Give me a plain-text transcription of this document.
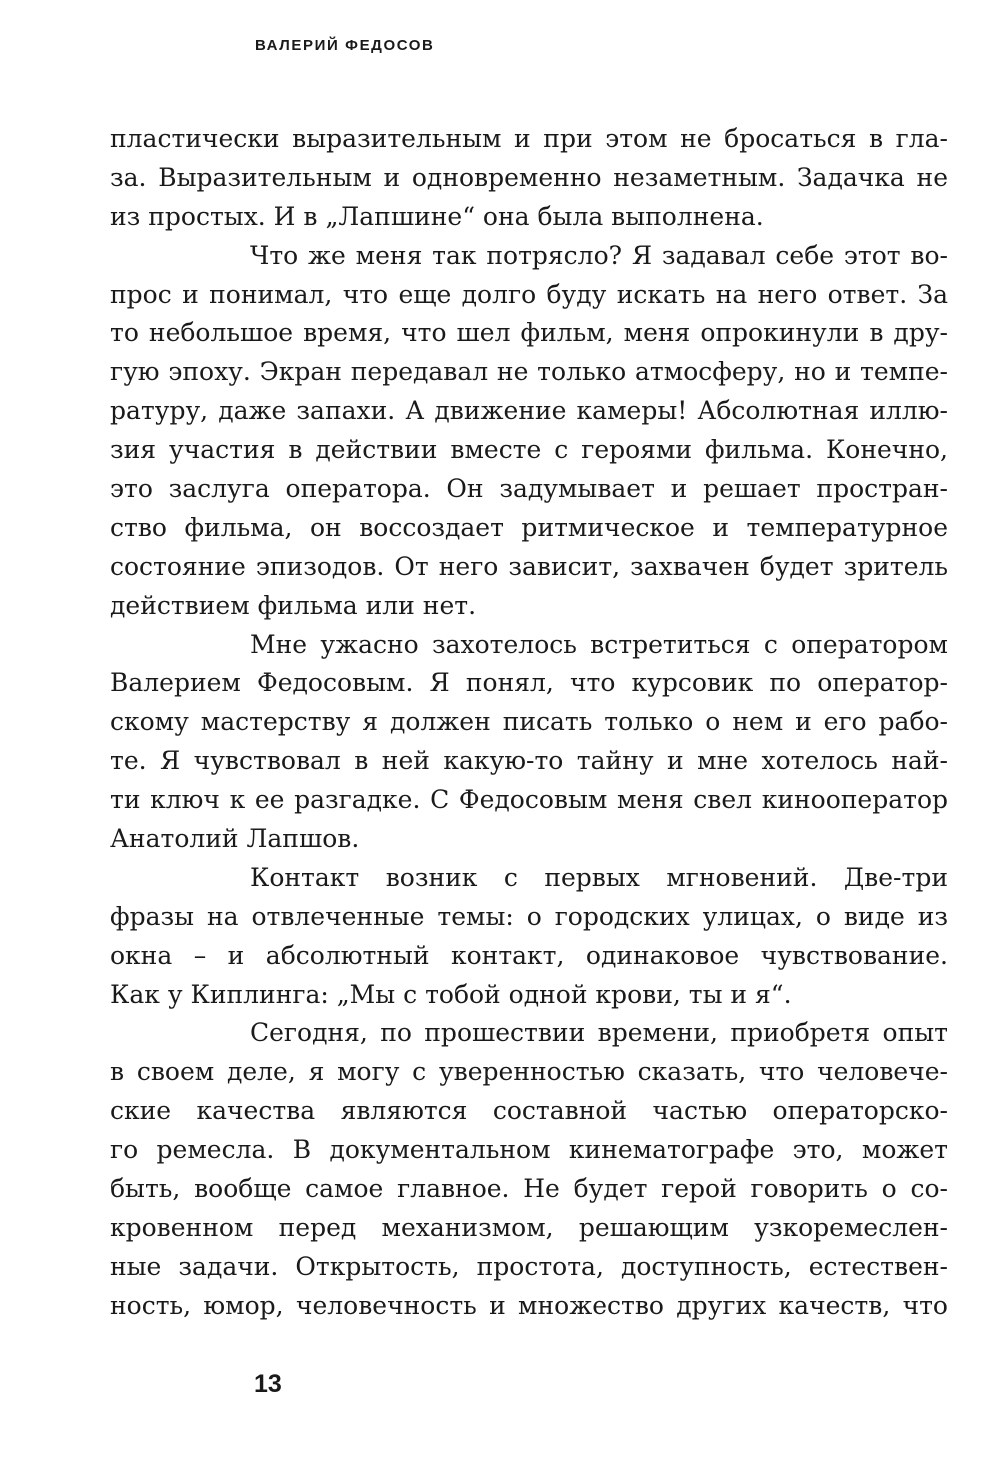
ВАЛЕРИЙ ФЕДОСОВ
пластически выразительным и при этом не бросаться в гла-
за. Выразительным и одновременно незаметным. Задачка не
из простых. И в „Лапшине“ она была выполнена.
Что же меня так потрясло? Я задавал себе этот во-
прос и понимал, что еще долго буду искать на него ответ. За
то небольшое время, что шел фильм, меня опрокинули в дру-
гую эпоху. Экран передавал не только атмосферу, но и темпе-
ратуру, даже запахи. А движение камеры! Абсолютная иллю-
зия участия в действии вместе с героями фильма. Конечно,
это заслуга оператора. Он задумывает и решает простран-
ство фильма, он воссоздает ритмическое и температурное
состояние эпизодов. От него зависит, захвачен будет зритель
действием фильма или нет.
Мне ужасно захотелось встретиться с оператором
Валерием Федосовым. Я понял, что курсовик по оператор-
скому мастерству я должен писать только о нем и его рабо-
те. Я чувствовал в ней какую-то тайну и мне хотелось най-
ти ключ к ее разгадке. С Федосовым меня свел кинооператор
Анатолий Лапшов.
Контакт возник с первых мгновений. Две-три
фразы на отвлеченные темы: о городских улицах, о виде из
окна – и абсолютный контакт, одинаковое чувствование.
Как у Киплинга: „Мы с тобой одной крови, ты и я“.
Сегодня, по прошествии времени, приобретя опыт
в своем деле, я могу с уверенностью сказать, что человече-
ские качества являются составной частью операторско-
го ремесла. В документальном кинематографе это, может
быть, вообще самое главное. Не будет герой говорить о со-
кровенном перед механизмом, решающим узкоремеслен-
ные задачи. Открытость, простота, доступность, естествен-
ность, юмор, человечность и множество других качеств, что
13
